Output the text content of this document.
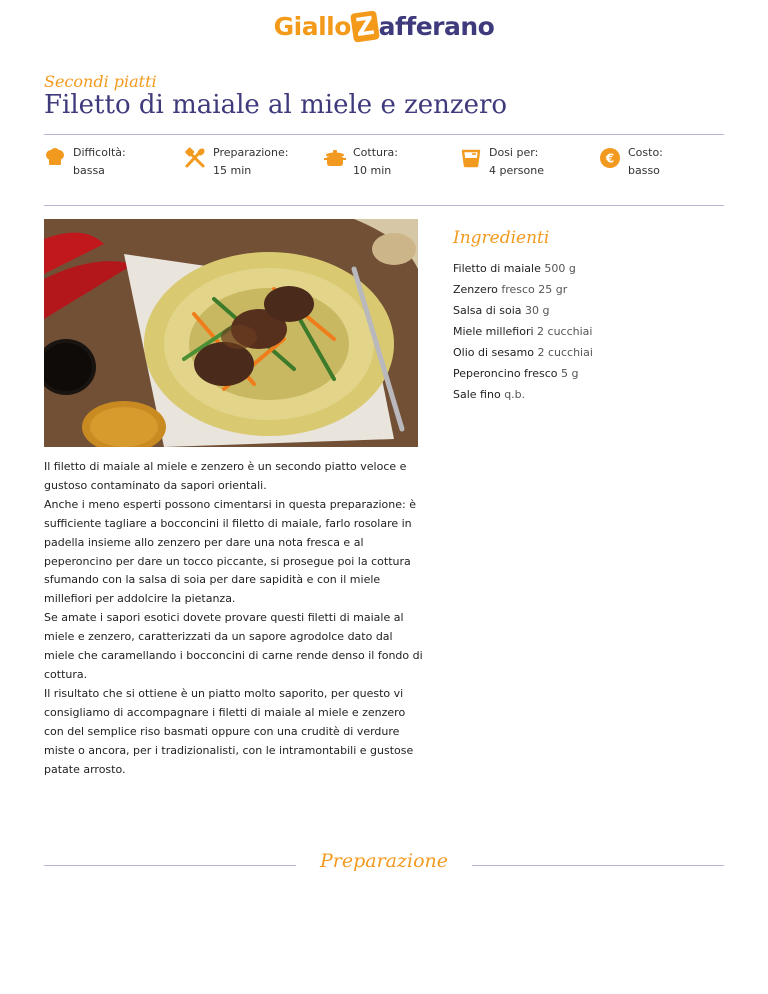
Giallo Z afferano
Secondi piatti
Filetto di maiale al miele e zenzero
Difficoltà:
bassa
Preparazione:
15 min
Cottura:
10 min
Dosi per:
4 persone
€ Costo:
basso
Ingredienti
Filetto di maiale 500 g
Zenzero fresco 25 gr
Salsa di soia 30 g
Miele millefiori 2 cucchiai
Olio di sesamo 2 cucchiai
Peperoncino fresco 5 g
Sale fino q.b.

Il filetto di maiale al miele e zenzero è un secondo piatto veloce e gustoso contaminato da sapori orientali.

Anche i meno esperti possono cimentarsi in questa preparazione: è sufficiente tagliare a bocconcini il filetto di maiale, farlo rosolare in padella insieme allo zenzero per dare una nota fresca e al peperoncino per dare un tocco piccante, si prosegue poi la cottura sfumando con la salsa di soia per dare sapidità e con il miele millefiori per addolcire la pietanza.

Se amate i sapori esotici dovete provare questi filetti di maiale al miele e zenzero, caratterizzati da un sapore agrodolce dato dal miele che caramellando i bocconcini di carne rende denso il fondo di cottura.

Il risultato che si ottiene è un piatto molto saporito, per questo vi consigliamo di accompagnare i filetti di maiale al miele e zenzero con del semplice riso basmati oppure con una cruditè di verdure miste o ancora, per i tradizionalisti, con le intramontabili e gustose patate arrosto.

Preparazione
